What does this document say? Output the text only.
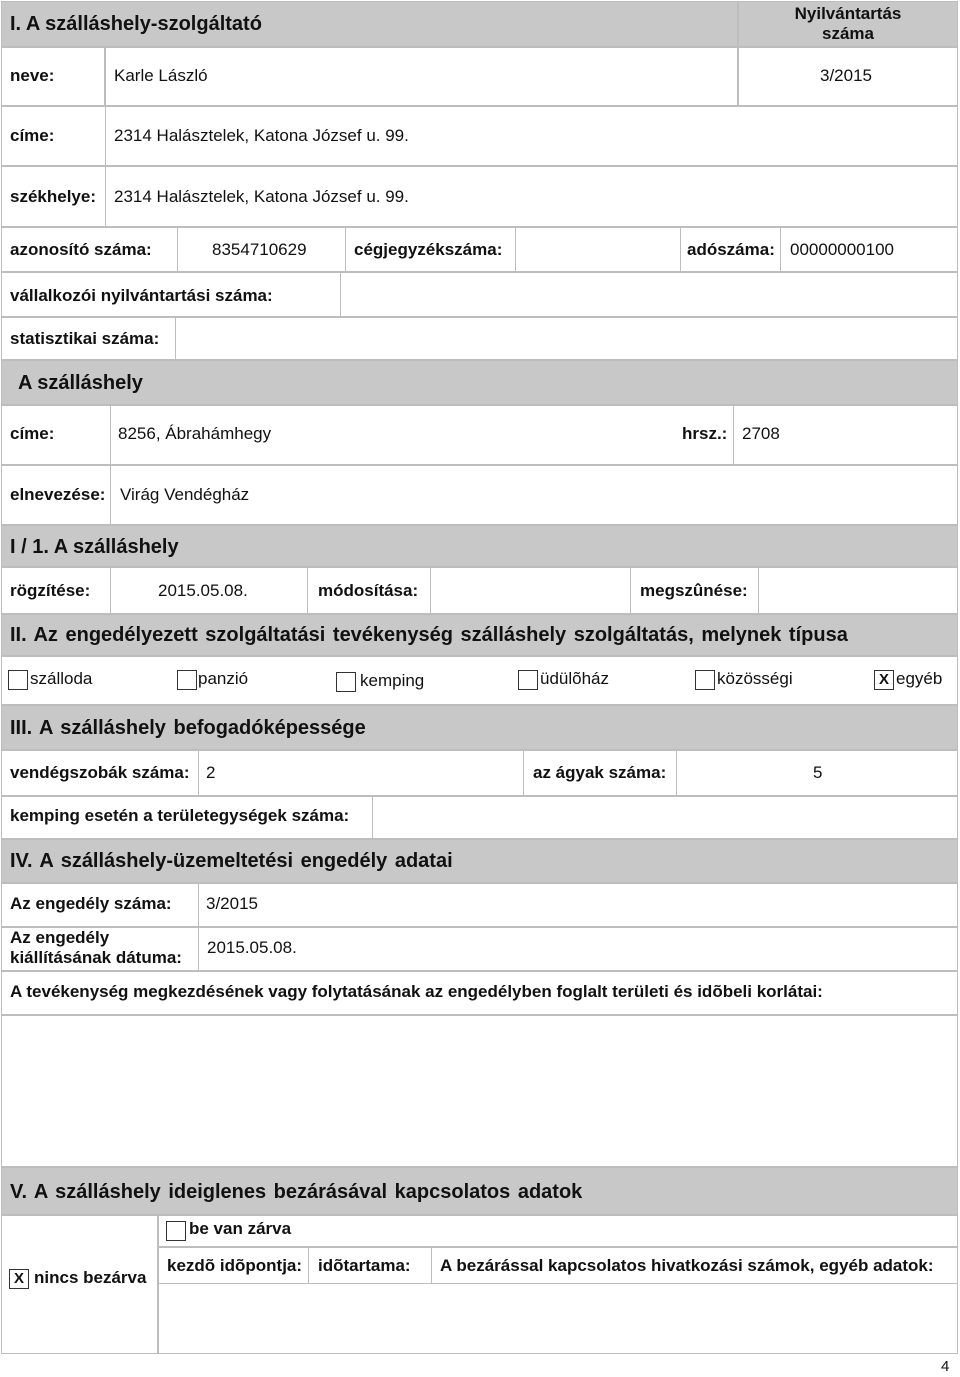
I. A szálláshely-szolgáltató	Nyilvántartás
száma
neve:	Karle László	3/2015
címe:	2314 Halásztelek, Katona József u. 99.
székhelye: 2314 Halásztelek, Katona József u. 99.
azonosító száma:	8354710629	cégjegyzékszáma:	adószáma: 00000000100
vállalkozói nyilvántartási száma:
statisztikai száma:
A szálláshely
címe:	8256, Ábrahámhegy	hrsz.: 2708
elnevezése: Virág Vendégház
I / 1. A szálláshely
rögzítése:	2015.05.08.	módosítása:	megszûnése:
II. Az engedélyezett szolgáltatási tevékenység szálláshely szolgáltatás, melynek típusa
szálloda	panzió	kemping	üdülõház	közösségi	X egyéb
III. A szálláshely befogadóképessége
vendégszobák száma: 2	az ágyak száma:	5
kemping esetén a területegységek száma:
IV. A szálláshely-üzemeltetési engedély adatai
Az engedély száma: 3/2015
Az engedély
kiállításának dátuma:
2015.05.08.
A tevékenység megkezdésének vagy folytatásának az engedélyben foglalt területi és idõbeli korlátai:
V. A szálláshely ideiglenes bezárásával kapcsolatos adatok
X nincs bezárva
be van zárva
kezdõ idõpontja: idõtartama: A bezárással kapcsolatos hivatkozási számok, egyéb adatok:
4
